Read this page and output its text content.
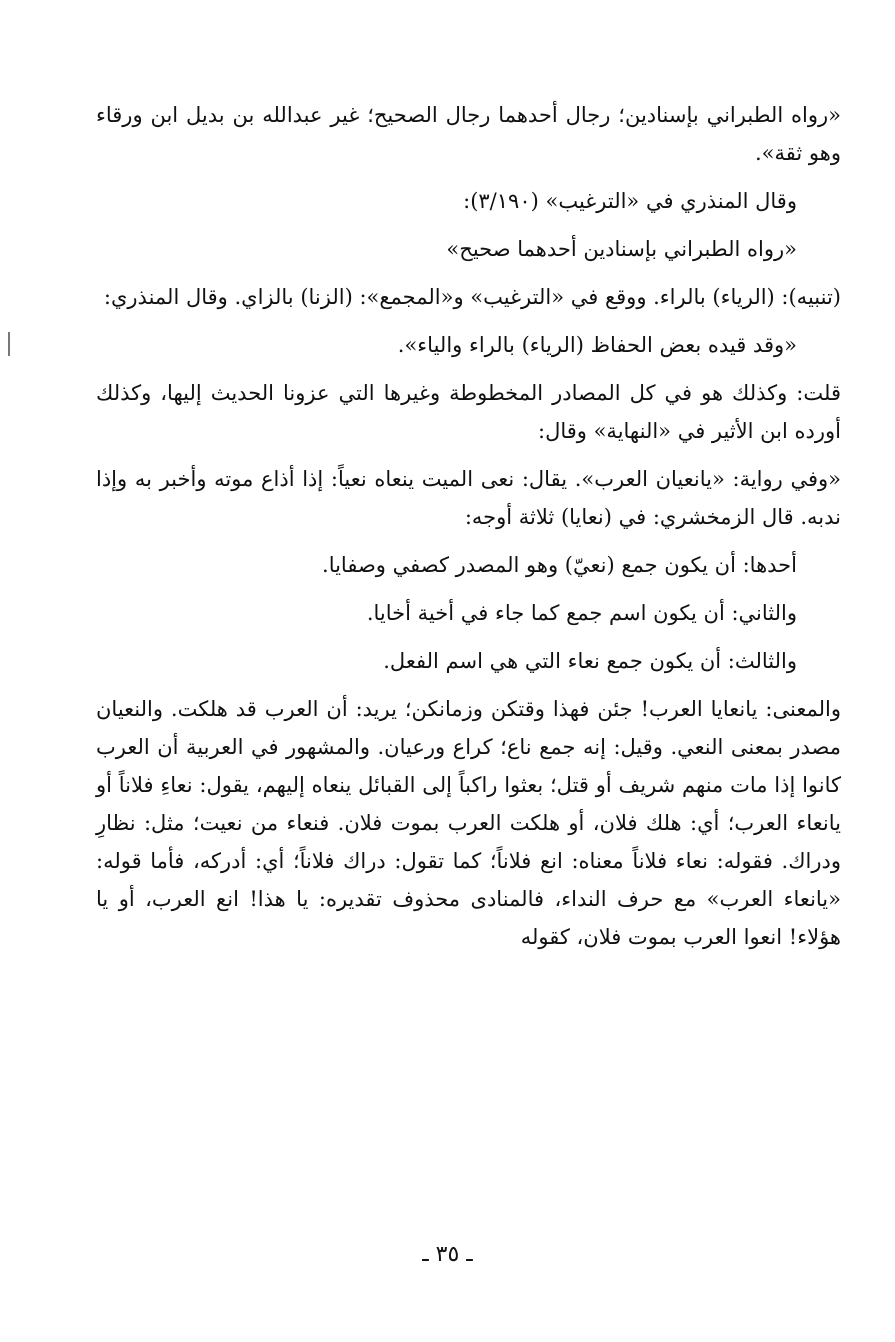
«رواه الطبراني بإسنادين؛ رجال أحدهما رجال الصحيح؛ غير عبدالله بن بديل ابن ورقاء وهو ثقة».

وقال المنذري في «الترغيب» (٣/١٩٠):

«رواه الطبراني بإسنادين أحدهما صحيح»

(تنبيه): (الرياء) بالراء. ووقع في «الترغيب» و«المجمع»: (الزنا) بالزاي. وقال المنذري:

«وقد قيده بعض الحفاظ (الرياء) بالراء والياء».

قلت: وكذلك هو في كل المصادر المخطوطة وغيرها التي عزونا الحديث إليها، وكذلك أورده ابن الأثير في «النهاية» وقال:

«وفي رواية: «يانعيان العرب». يقال: نعى الميت ينعاه نعياً: إذا أذاع موته وأخبر به وإذا ندبه. قال الزمخشري: في (نعايا) ثلاثة أوجه:

أحدها: أن يكون جمع (نعيّ) وهو المصدر كصفي وصفايا.

والثاني: أن يكون اسم جمع كما جاء في أخية أخايا.

والثالث: أن يكون جمع نعاء التي هي اسم الفعل.

والمعنى: يانعايا العرب! جئن فهذا وقتكن وزمانكن؛ يريد: أن العرب قد هلكت. والنعيان مصدر بمعنى النعي. وقيل: إنه جمع ناع؛ كراع ورعيان. والمشهور في العربية أن العرب كانوا إذا مات منهم شريف أو قتل؛ بعثوا راكباً إلى القبائل ينعاه إليهم، يقول: نعاءِ فلاناً أو يانعاء العرب؛ أي: هلك فلان، أو هلكت العرب بموت فلان. فنعاء من نعيت؛ مثل: نظارِ ودراك. فقوله: نعاء فلاناً معناه: انع فلاناً؛ كما تقول: دراك فلاناً؛ أي: أدركه، فأما قوله: «يانعاء العرب» مع حرف النداء، فالمنادى محذوف تقديره: يا هذا! انع العرب، أو يا هؤلاء! انعوا العرب بموت فلان، كقوله

ـ ٣٥ ـ
